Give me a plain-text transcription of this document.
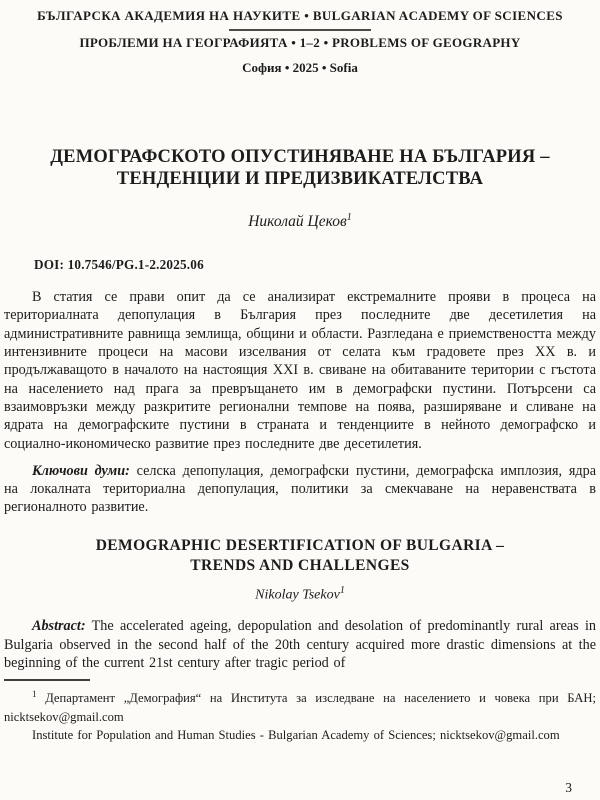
БЪЛГАРСКА АКАДЕМИЯ НА НАУКИТЕ • BULGARIAN ACADEMY OF SCIENCES
ПРОБЛЕМИ НА ГЕОГРАФИЯТА • 1–2 • PROBLEMS OF GEOGRAPHY
София • 2025 • Sofia
ДЕМОГРАФСКОТО ОПУСТИНЯВАНЕ НА БЪЛГАРИЯ –
ТЕНДЕНЦИИ И ПРЕДИЗВИКАТЕЛСТВА
Николай Цеков$^1$
DOI: 10.7546/PG.1-2.2025.06

В статия се прави опит да се анализират екстремалните прояви в процеса на териториалната депопулация в България през последните две десетилетия на административните равнища землища, общини и области. Разгледана е приемствеността между интензивните процеси на масови изселвания от селата към градовете през XX в. и продължаващото в началото на настоящия XXI в. свиване на обитаваните територии с гъстота на населението над прага за превръщането им в демографски пустини. Потърсени са взаимовръзки между разкритите регионални темпове на поява, разширяване и сливане на ядрата на демографските пустини в страната и тенденциите в нейното демографско и социално-икономическо развитие през последните две десетилетия.

Ключови думи: селска депопулация, демографски пустини, демографска имплозия, ядра на локалната териториална депопулация, политики за смекчаване на неравенствата в регионалното развитие.

DEMOGRAPHIC DESERTIFICATION OF BULGARIA –
TRENDS AND CHALLENGES
Nikolay Tsekov$^1$

Abstract: The accelerated ageing, depopulation and desolation of predominantly rural areas in Bulgaria observed in the second half of the 20th century acquired more drastic dimensions at the beginning of the current 21st century after tragic period of

$^1$ Департамент „Демография“ на Института за изследване на населението и човека при БАН; nicktsekov@gmail.com

Institute for Population and Human Studies - Bulgarian Academy of Sciences; nicktsekov@gmail.com

3
